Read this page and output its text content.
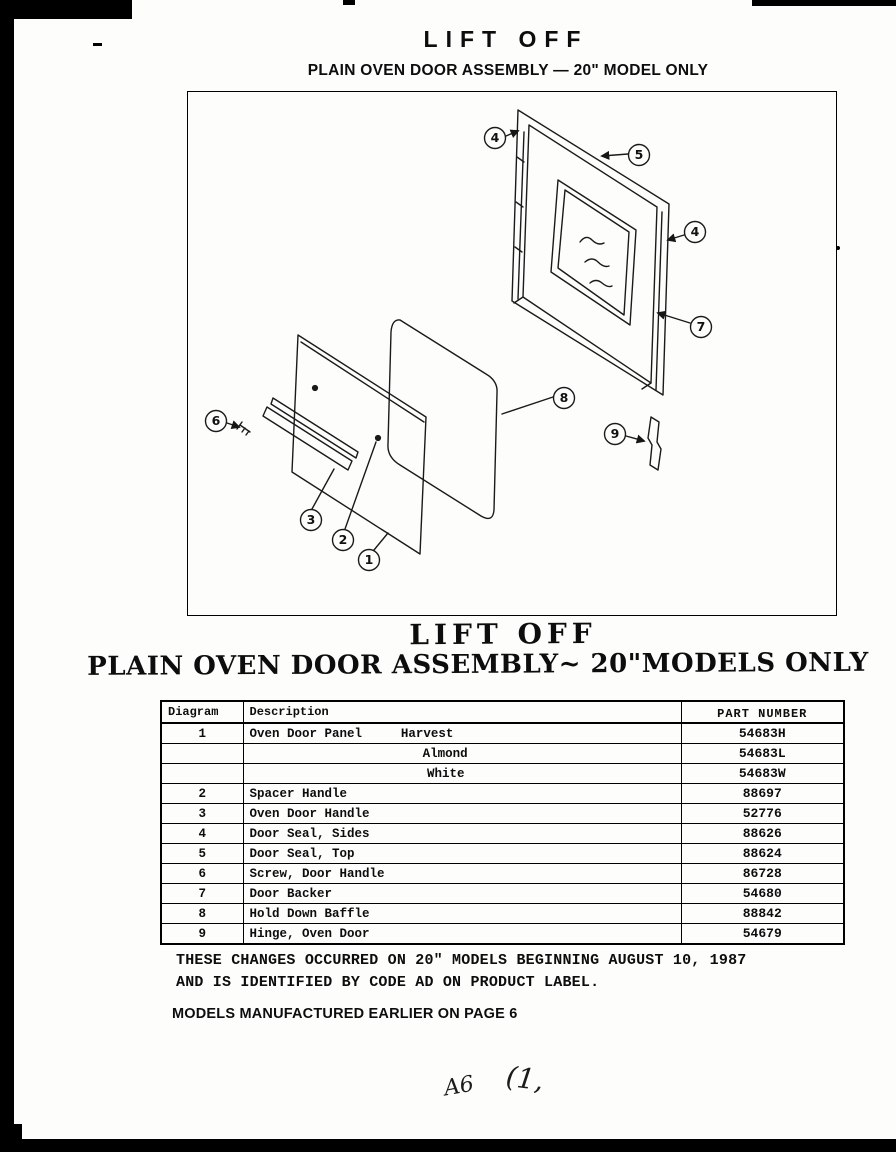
LIFT OFF
PLAIN OVEN DOOR ASSEMBLY — 20" MODEL ONLY
4
5
4
7
8
9
6
3
2
1
LIFT OFF
PLAIN OVEN DOOR ASSEMBLY~ 20"MODELS ONLY
Diagram	Description	PART NUMBER
1	Oven Door Panel Harvest	54683H

	Almond	54683L

	White	54683W
2	Spacer Handle	88697
3	Oven Door Handle	52776
4	Door Seal, Sides	88626
5	Door Seal, Top	88624
6	Screw, Door Handle	86728
7	Door Backer	54680
8	Hold Down Baffle	88842
9	Hinge, Oven Door	54679
THESE CHANGES OCCURRED ON 20" MODELS BEGINNING AUGUST 10, 1987
AND IS IDENTIFIED BY CODE AD ON PRODUCT LABEL.
MODELS MANUFACTURED EARLIER ON PAGE 6
A6 (1,
